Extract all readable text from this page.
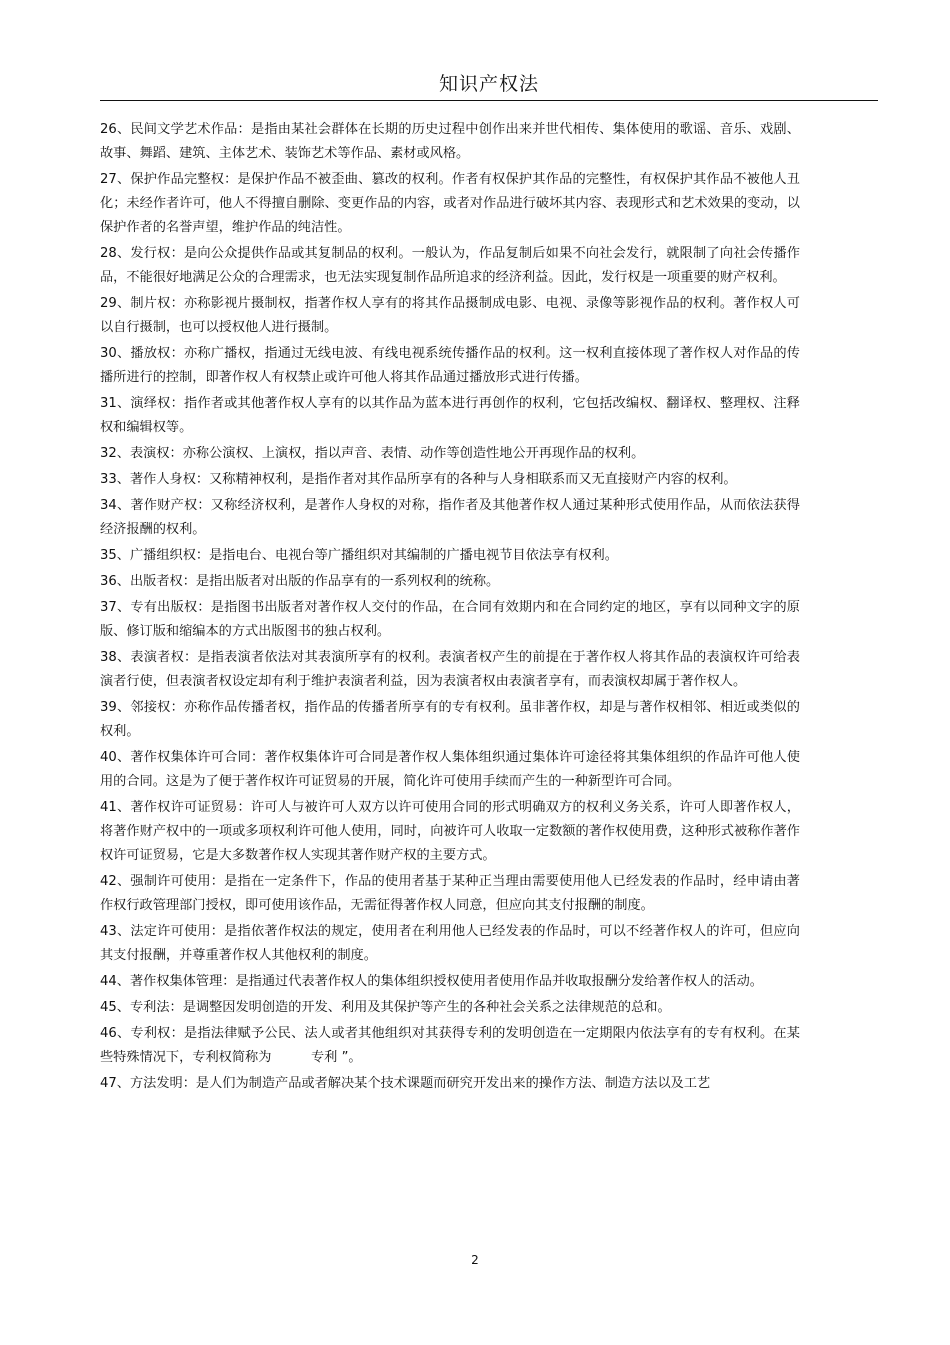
知识产权法

26、民间文学艺术作品：是指由某社会群体在长期的历史过程中创作出来并世代相传、集体使用的歌谣、音乐、戏剧、故事、舞蹈、建筑、主体艺术、装饰艺术等作品、素材或风格。

27、保护作品完整权：是保护作品不被歪曲、篡改的权利。作者有权保护其作品的完整性，有权保护其作品不被他人丑化；未经作者许可，他人不得擅自删除、变更作品的内容，或者对作品进行破坏其内容、表现形式和艺术效果的变动，以保护作者的名誉声望，维护作品的纯洁性。

28、发行权：是向公众提供作品或其复制品的权利。一般认为，作品复制后如果不向社会发行，就限制了向社会传播作品，不能很好地满足公众的合理需求，也无法实现复制作品所追求的经济利益。因此，发行权是一项重要的财产权利。

29、制片权：亦称影视片摄制权，指著作权人享有的将其作品摄制成电影、电视、录像等影视作品的权利。著作权人可以自行摄制，也可以授权他人进行摄制。

30、播放权：亦称广播权，指通过无线电波、有线电视系统传播作品的权利。这一权利直接体现了著作权人对作品的传播所进行的控制，即著作权人有权禁止或许可他人将其作品通过播放形式进行传播。

31、演绎权：指作者或其他著作权人享有的以其作品为蓝本进行再创作的权利，它包括改编权、翻译权、整理权、注释权和编辑权等。

32、表演权：亦称公演权、上演权，指以声音、表情、动作等创造性地公开再现作品的权利。

33、著作人身权：又称精神权利，是指作者对其作品所享有的各种与人身相联系而又无直接财产内容的权利。

34、著作财产权：又称经济权利，是著作人身权的对称，指作者及其他著作权人通过某种形式使用作品，从而依法获得经济报酬的权利。

35、广播组织权：是指电台、电视台等广播组织对其编制的广播电视节目依法享有权利。

36、出版者权：是指出版者对出版的作品享有的一系列权利的统称。

37、专有出版权：是指图书出版者对著作权人交付的作品，在合同有效期内和在合同约定的地区，享有以同种文字的原版、修订版和缩编本的方式出版图书的独占权利。

38、表演者权：是指表演者依法对其表演所享有的权利。表演者权产生的前提在于著作权人将其作品的表演权许可给表演者行使，但表演者权设定却有利于维护表演者利益，因为表演者权由表演者享有，而表演权却属于著作权人。

39、邻接权：亦称作品传播者权，指作品的传播者所享有的专有权利。虽非著作权，却是与著作权相邻、相近或类似的权利。

40、著作权集体许可合同：著作权集体许可合同是著作权人集体组织通过集体许可途径将其集体组织的作品许可他人使用的合同。这是为了便于著作权许可证贸易的开展，简化许可使用手续而产生的一种新型许可合同。

41、著作权许可证贸易：许可人与被许可人双方以许可使用合同的形式明确双方的权利义务关系，许可人即著作权人，将著作财产权中的一项或多项权利许可他人使用，同时，向被许可人收取一定数额的著作权使用费，这种形式被称作著作权许可证贸易，它是大多数著作权人实现其著作财产权的主要方式。

42、强制许可使用：是指在一定条件下，作品的使用者基于某种正当理由需要使用他人已经发表的作品时，经申请由著作权行政管理部门授权，即可使用该作品，无需征得著作权人同意，但应向其支付报酬的制度。

43、法定许可使用：是指依著作权法的规定，使用者在利用他人已经发表的作品时，可以不经著作权人的许可，但应向其支付报酬，并尊重著作权人其他权利的制度。

44、著作权集体管理：是指通过代表著作权人的集体组织授权使用者使用作品并收取报酬分发给著作权人的活动。

45、专利法：是调整因发明创造的开发、利用及其保护等产生的各种社会关系之法律规范的总和。

46、专利权：是指法律赋予公民、法人或者其他组织对其获得专利的发明创造在一定期限内依法享有的专有权利。在某些特殊情况下，专利权简称为　　　专利 ”。

47、方法发明：是人们为制造产品或者解决某个技术课题而研究开发出来的操作方法、制造方法以及工艺

2
